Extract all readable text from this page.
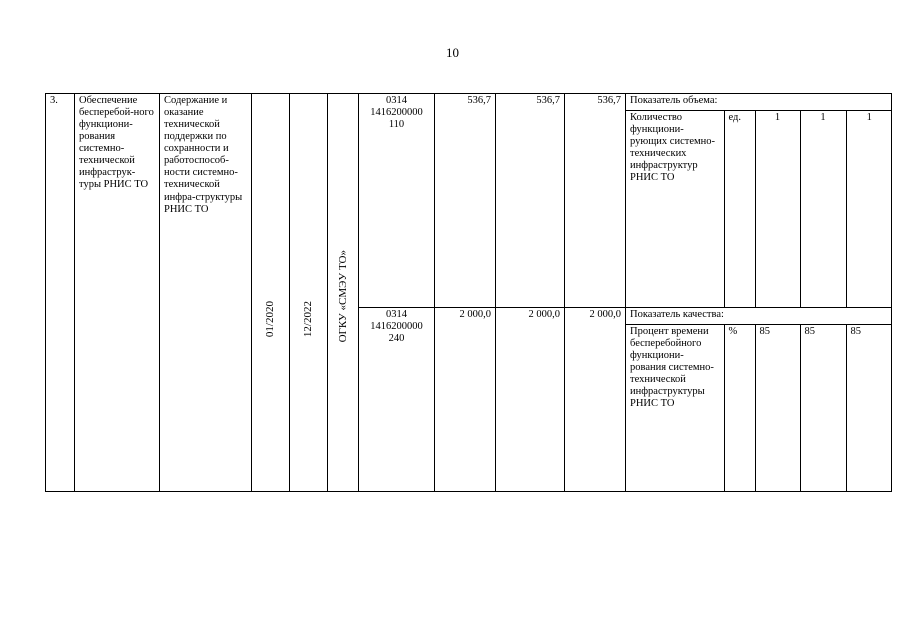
10
3.	Обеспечение бесперебой-ного функциони-рования системно-технической инфраструк-туры РНИС ТО	Содержание и оказание технической поддержки по сохранности и работоспособ-ности системно-технической инфра-структуры РНИС ТО	01/2020	12/2022	ОГКУ «СМЭУ ТО»	0314 1416200000 110	536,7	536,7	536,7	Показатель объема:
Количество функциони-рующих системно-технических инфраструктур РНИС ТО	ед.	1	1	1

0314 1416200000 240	2 000,0	2 000,0	2 000,0	Показатель качества:
Процент времени бесперебойного функциони-рования системно-технической инфраструктуры РНИС ТО	%	85	85	85
